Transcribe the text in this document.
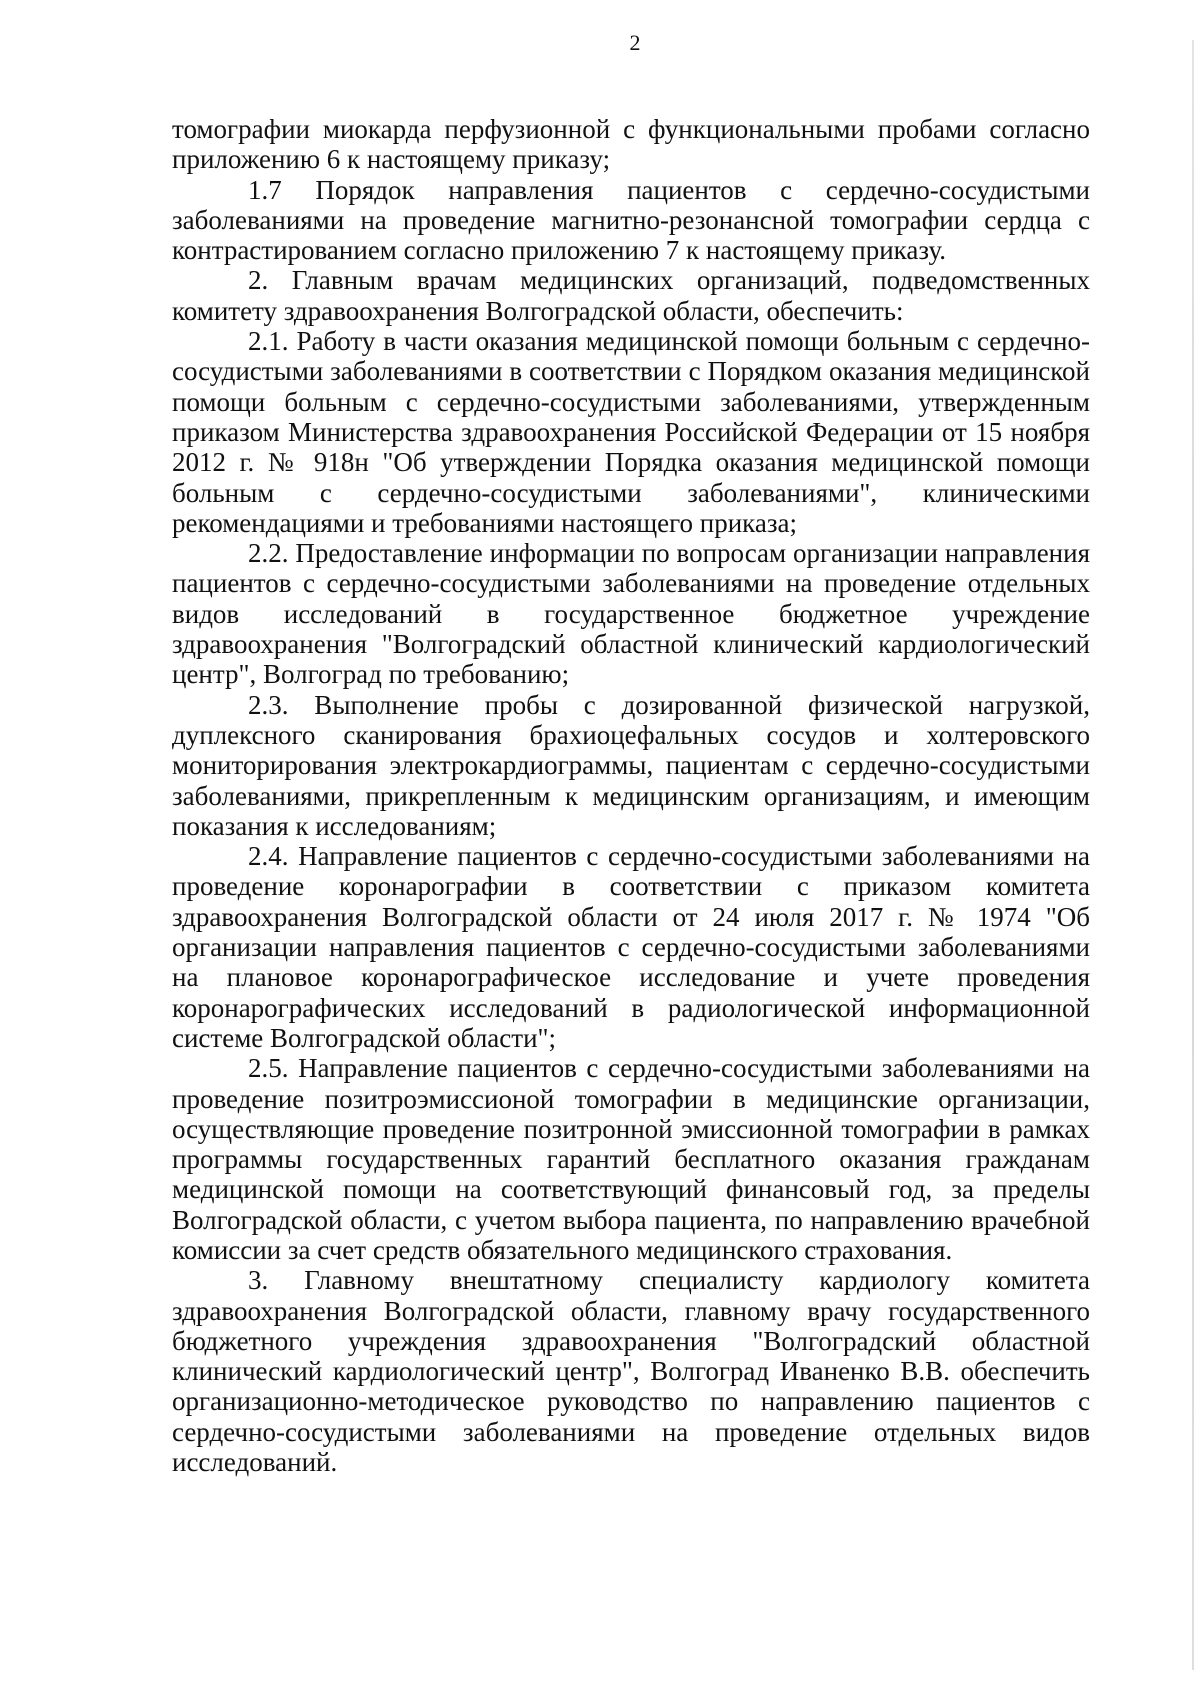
2

томографии миокарда перфузионной с функциональными пробами согласно приложению 6 к настоящему приказу;

1.7 Порядок направления пациентов с сердечно-сосудистыми заболеваниями на проведение магнитно-резонансной томографии сердца с контрастированием согласно приложению 7 к настоящему приказу.

2. Главным врачам медицинских организаций, подведомственных комитету здравоохранения Волгоградской области, обеспечить:

2.1. Работу в части оказания медицинской помощи больным с сердечно-сосудистыми заболеваниями в соответствии с Порядком оказания медицинской помощи больным с сердечно-сосудистыми заболеваниями, утвержденным приказом Министерства здравоохранения Российской Федерации от 15 ноября 2012 г. № 918н "Об утверждении Порядка оказания медицинской помощи больным с сердечно-сосудистыми заболеваниями", клиническими рекомендациями и требованиями настоящего приказа;

2.2. Предоставление информации по вопросам организации направления пациентов с сердечно-сосудистыми заболеваниями на проведение отдельных видов исследований в государственное бюджетное учреждение здравоохранения "Волгоградский областной клинический кардиологический центр", Волгоград по требованию;

2.3. Выполнение пробы с дозированной физической нагрузкой, дуплексного сканирования брахиоцефальных сосудов и холтеровского мониторирования электрокардиограммы, пациентам с сердечно-сосудистыми заболеваниями, прикрепленным к медицинским организациям, и имеющим показания к исследованиям;

2.4. Направление пациентов с сердечно-сосудистыми заболеваниями на проведение коронарографии в соответствии с приказом комитета здравоохранения Волгоградской области от 24 июля 2017 г. № 1974 "Об организации направления пациентов с сердечно-сосудистыми заболеваниями на плановое коронарографическое исследование и учете проведения коронарографических исследований в радиологической информационной системе Волгоградской области";

2.5. Направление пациентов с сердечно-сосудистыми заболеваниями на проведение позитроэмиссионой томографии в медицинские организации, осуществляющие проведение позитронной эмиссионной томографии в рамках программы государственных гарантий бесплатного оказания гражданам медицинской помощи на соответствующий финансовый год, за пределы Волгоградской области, с учетом выбора пациента, по направлению врачебной комиссии за счет средств обязательного медицинского страхования.

3. Главному внештатному специалисту кардиологу комитета здравоохранения Волгоградской области, главному врачу государственного бюджетного учреждения здравоохранения "Волгоградский областной клинический кардиологический центр", Волгоград Иваненко В.В. обеспечить организационно-методическое руководство по направлению пациентов с сердечно-сосудистыми заболеваниями на проведение отдельных видов исследований.
